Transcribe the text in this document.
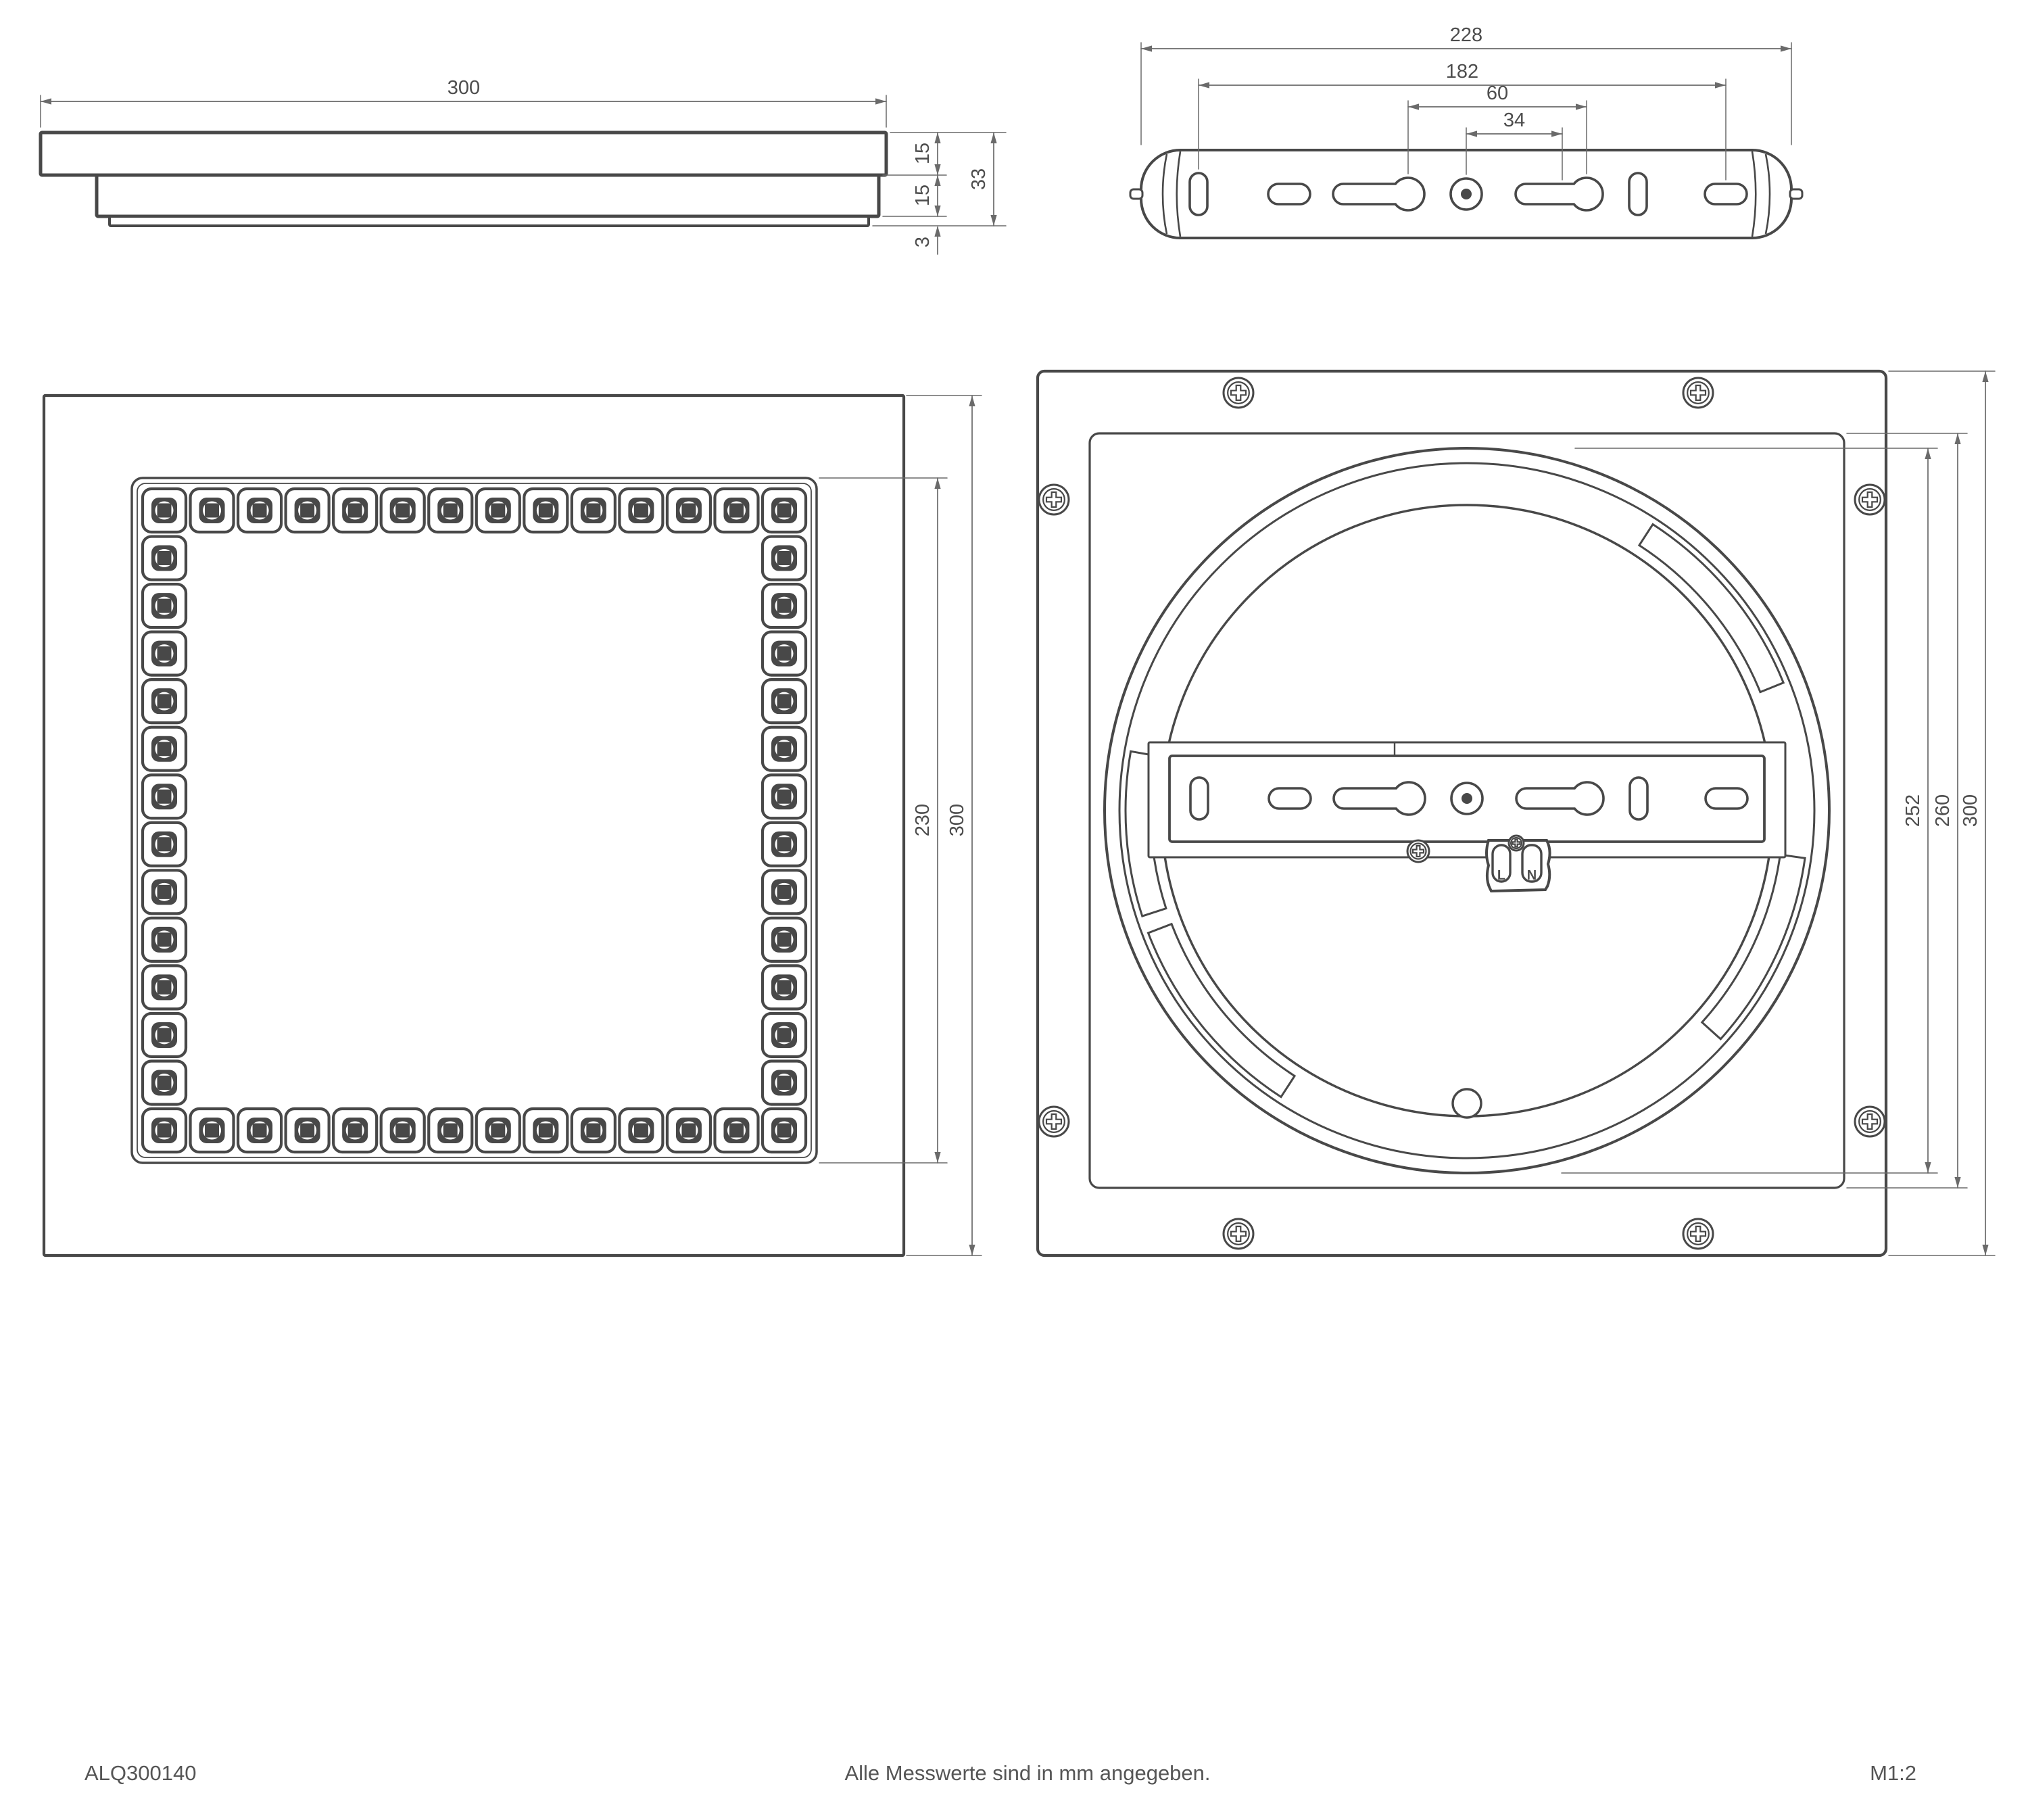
300
15
15
33
3
228
182
60
34
230 300
L N
252 260 300
ALQ300140	Alle Messwerte sind in mm angegeben.	M1:2
